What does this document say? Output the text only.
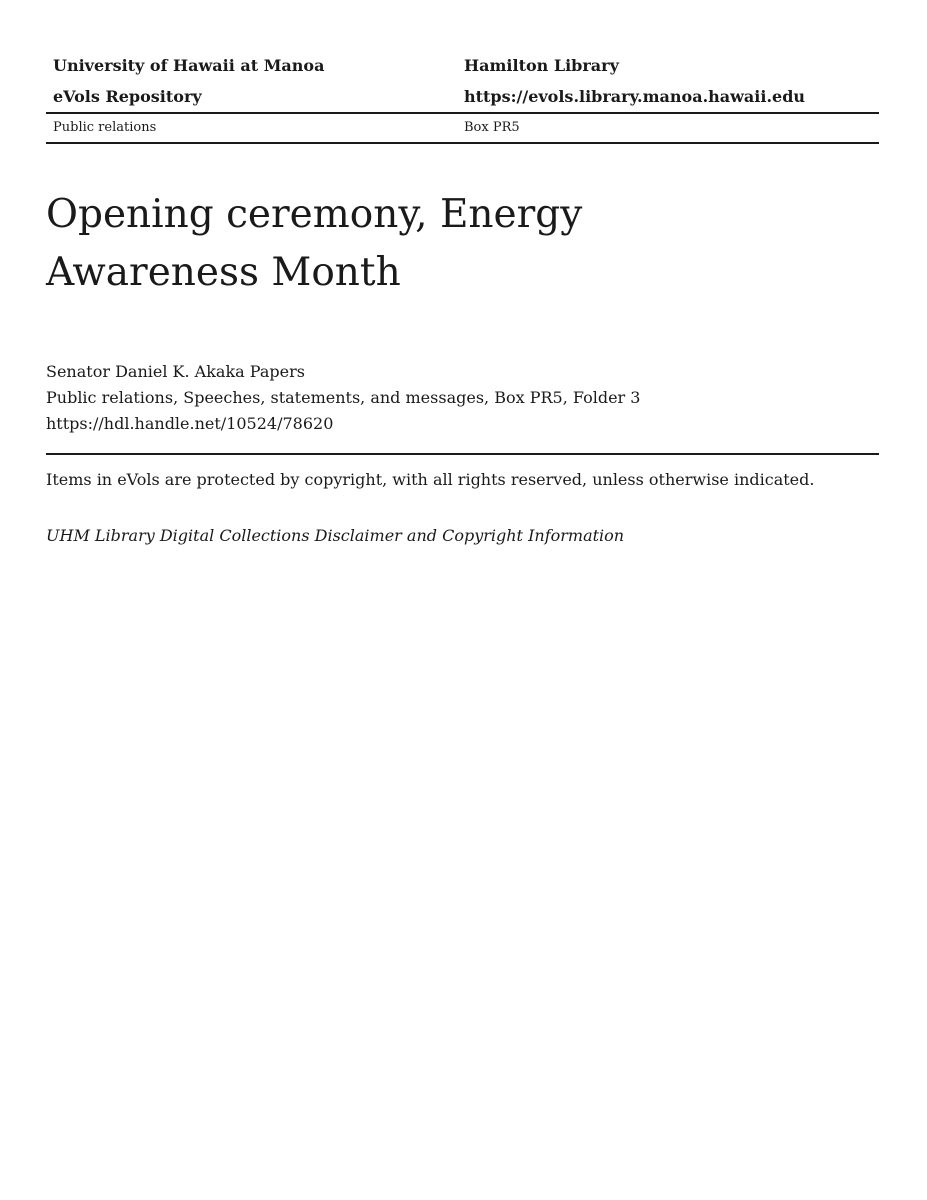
University of Hawaii at Manoa	Hamilton Library
eVols Repository	https://evols.library.manoa.hawaii.edu
Public relations	Box PR5
Opening ceremony, Energy
Awareness Month
Senator Daniel K. Akaka Papers
Public relations, Speeches, statements, and messages, Box PR5, Folder 3
https://hdl.handle.net/10524/78620
Items in eVols are protected by copyright, with all rights reserved, unless otherwise indicated.
UHM Library Digital Collections Disclaimer and Copyright Information
